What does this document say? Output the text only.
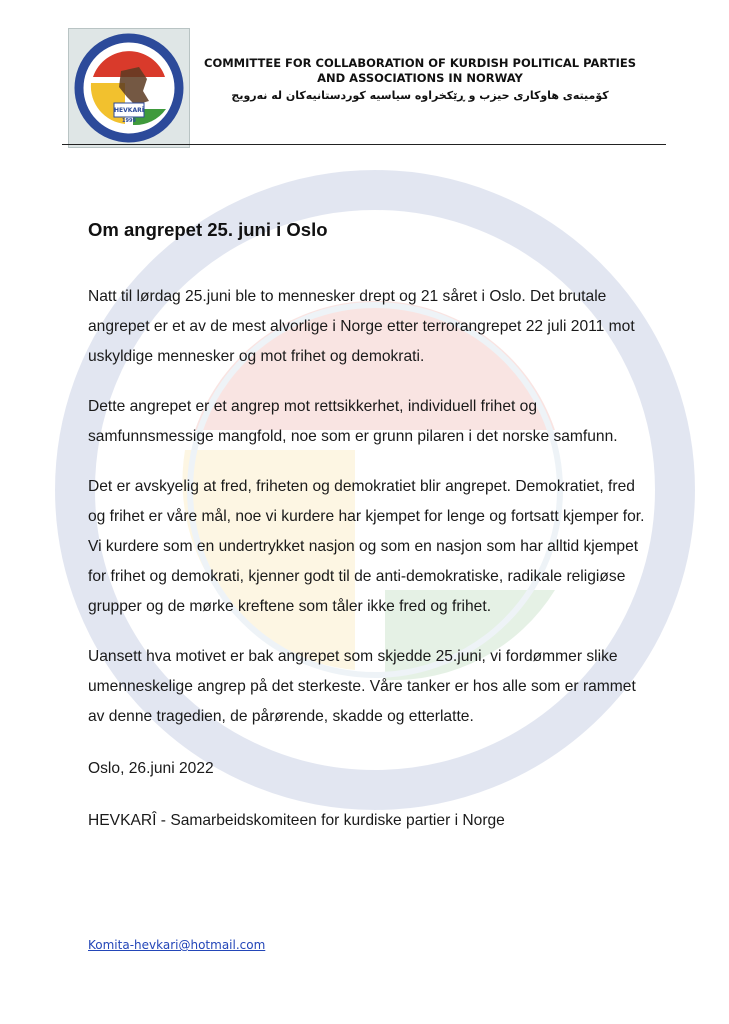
HEVKARÎ
1999
COMMITTEE FOR COLLABORATION OF KURDISH POLITICAL PARTIES AND ASSOCIATIONS IN NORWAY
کۆمیتەی هاوکاری حیزب و ڕێکخراوە سیاسیە کوردستانیەکان لە نەرویج
Om angrepet 25. juni i Oslo

Natt til lørdag 25.juni ble to mennesker drept og 21 såret i Oslo. Det brutale angrepet er et av de mest alvorlige i Norge etter terrorangrepet 22 juli 2011 mot uskyldige mennesker og mot frihet og demokrati.

Dette angrepet er et angrep mot rettsikkerhet, individuell frihet og samfunnsmessige mangfold, noe som er grunn pilaren i det norske samfunn.

Det er avskyelig at fred, friheten og demokratiet blir angrepet. Demokratiet, fred og frihet er våre mål, noe vi kurdere har kjempet for lenge og fortsatt kjemper for. Vi kurdere som en undertrykket nasjon og som en nasjon som har alltid kjempet for frihet og demokrati, kjenner godt til de anti-demokratiske, radikale religiøse grupper og de mørke kreftene som tåler ikke fred og frihet.

Uansett hva motivet er bak angrepet som skjedde 25.juni, vi fordømmer slike umenneskelige angrep på det sterkeste. Våre tanker er hos alle som er rammet av denne tragedien, de pårørende, skadde og etterlatte.

Oslo, 26.juni 2022

HEVKARÎ - Samarbeidskomiteen for kurdiske partier i Norge

Komita-hevkari@hotmail.com
